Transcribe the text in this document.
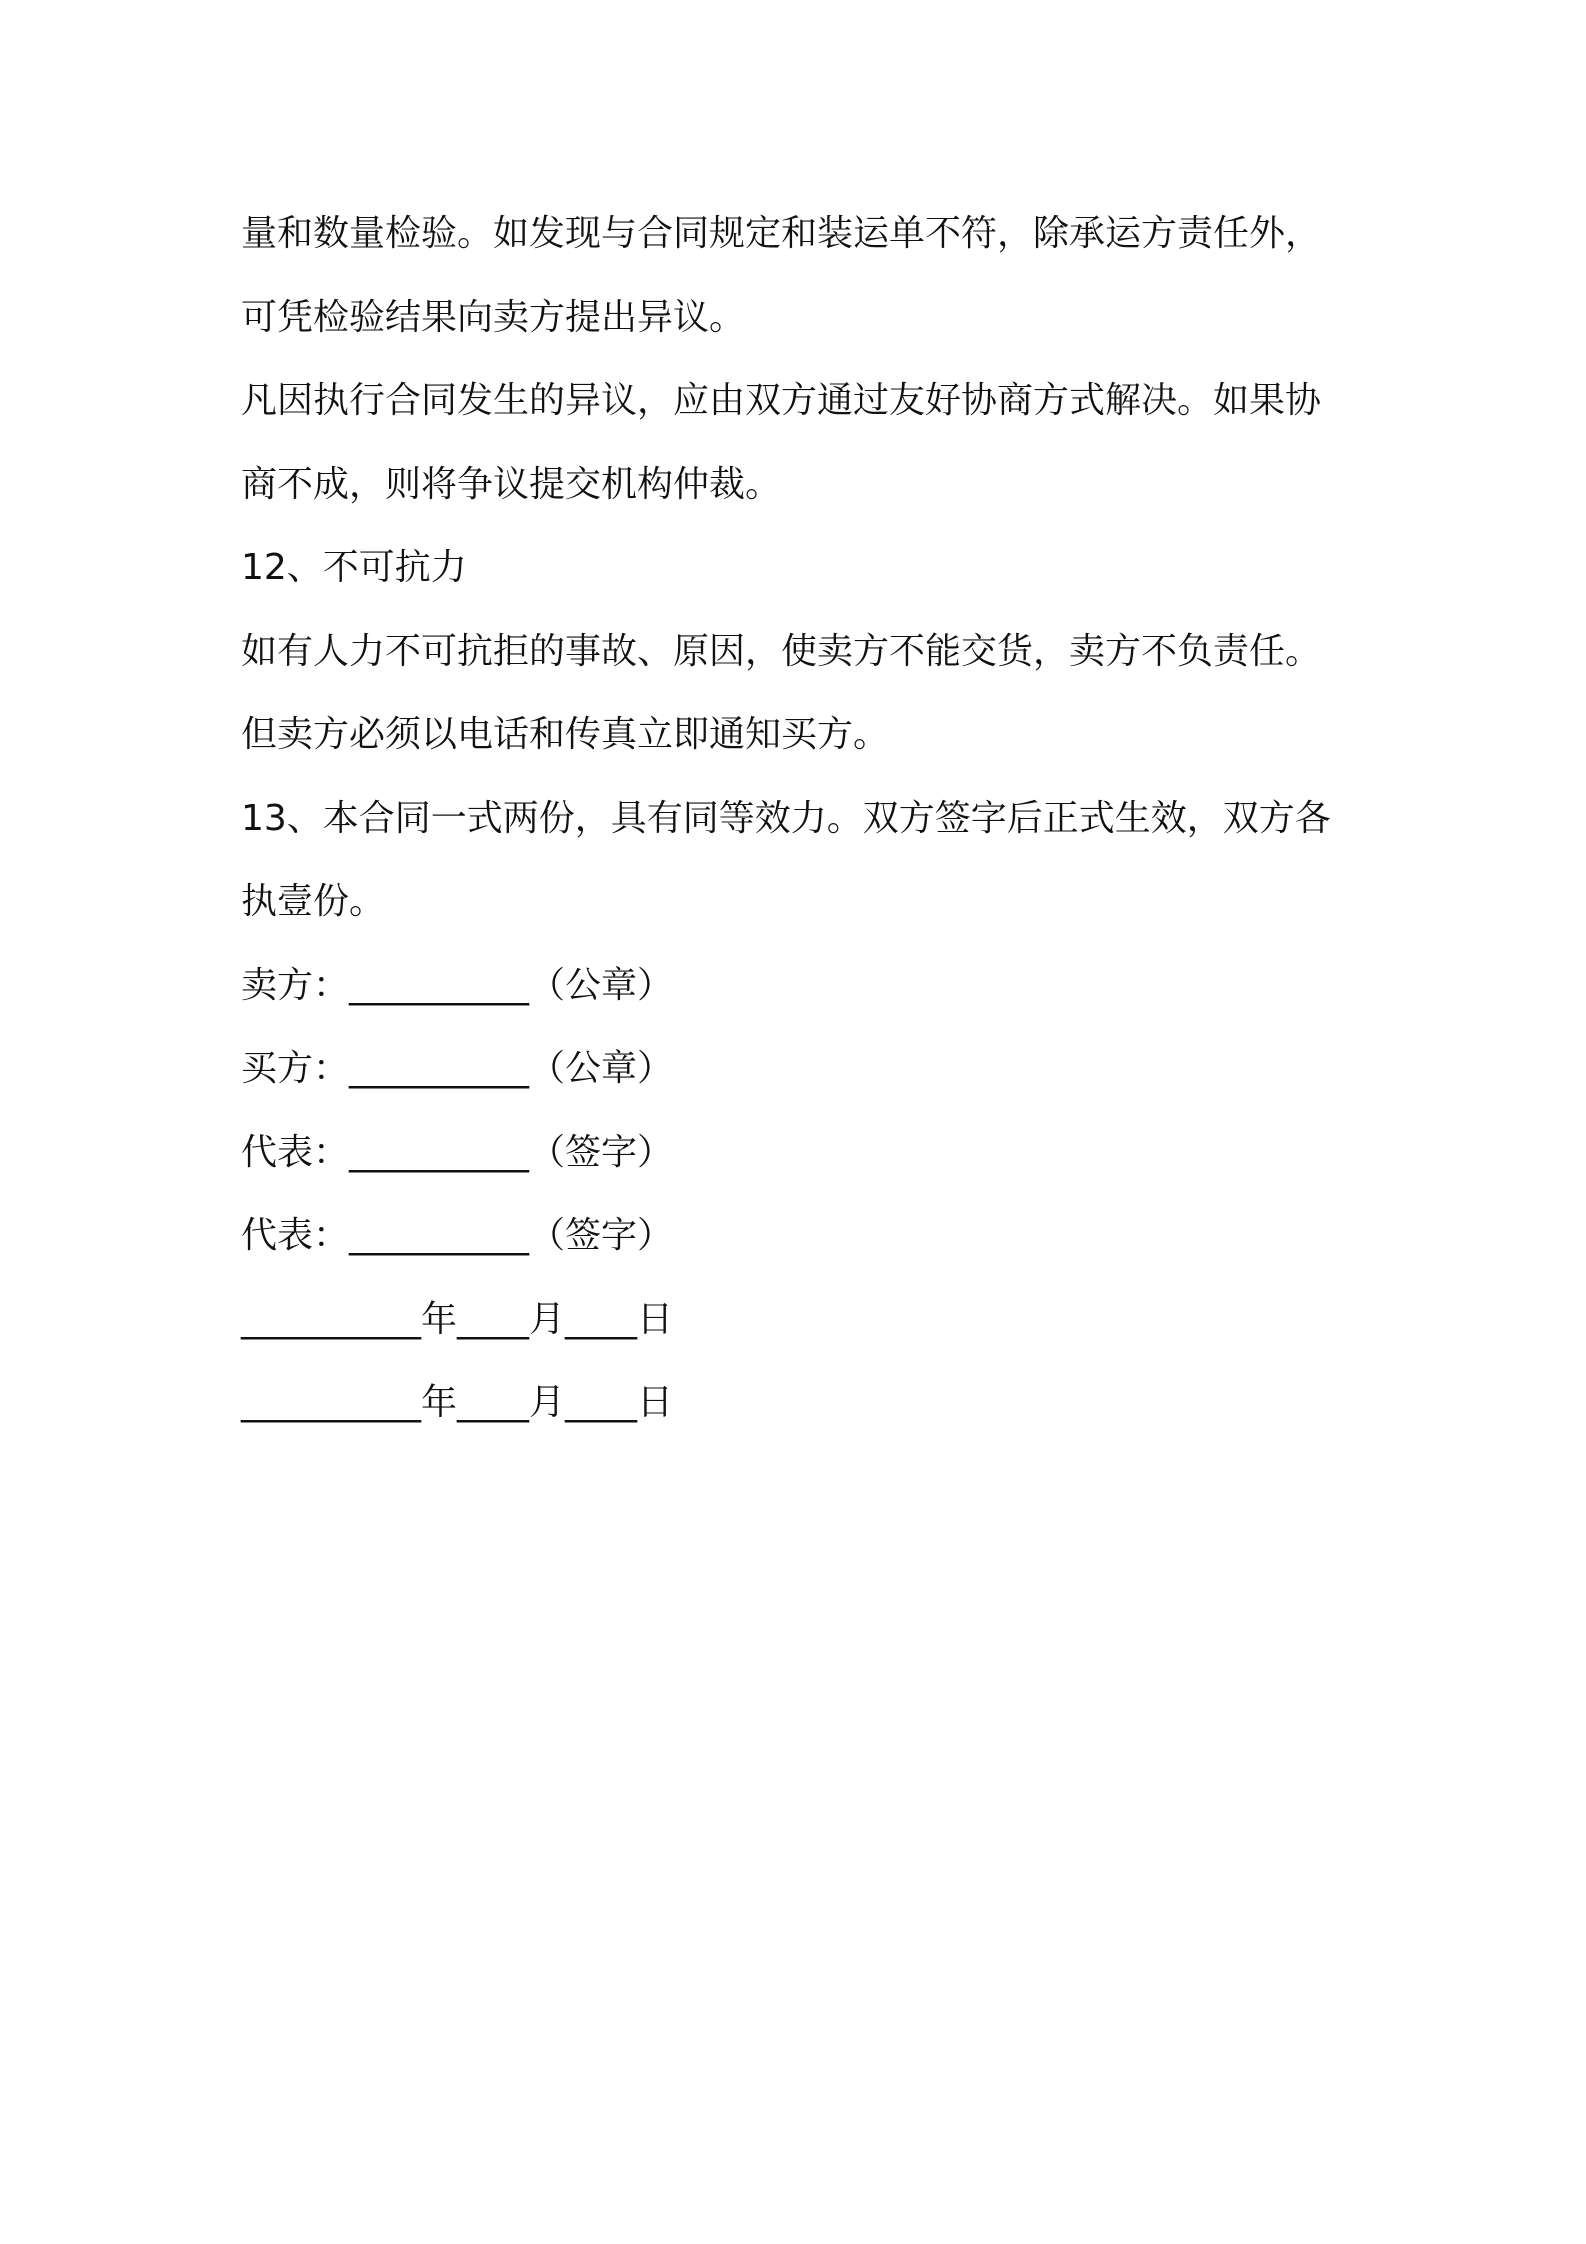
量和数量检验。如发现与合同规定和装运单不符，除承运方责任外，
可凭检验结果向卖方提出异议。
凡因执行合同发生的异议，应由双方通过友好协商方式解决。如果协
商不成，则将争议提交机构仲裁。
12、不可抗力
如有人力不可抗拒的事故、原因，使卖方不能交货，卖方不负责任。
但卖方必须以电话和传真立即通知买方。
13、本合同一式两份，具有同等效力。双方签字后正式生效，双方各
执壹份。
卖方：__________（公章）
买方：__________（公章）
代表：__________（签字）
代表：__________（签字）
__________年____月____日
__________年____月____日
